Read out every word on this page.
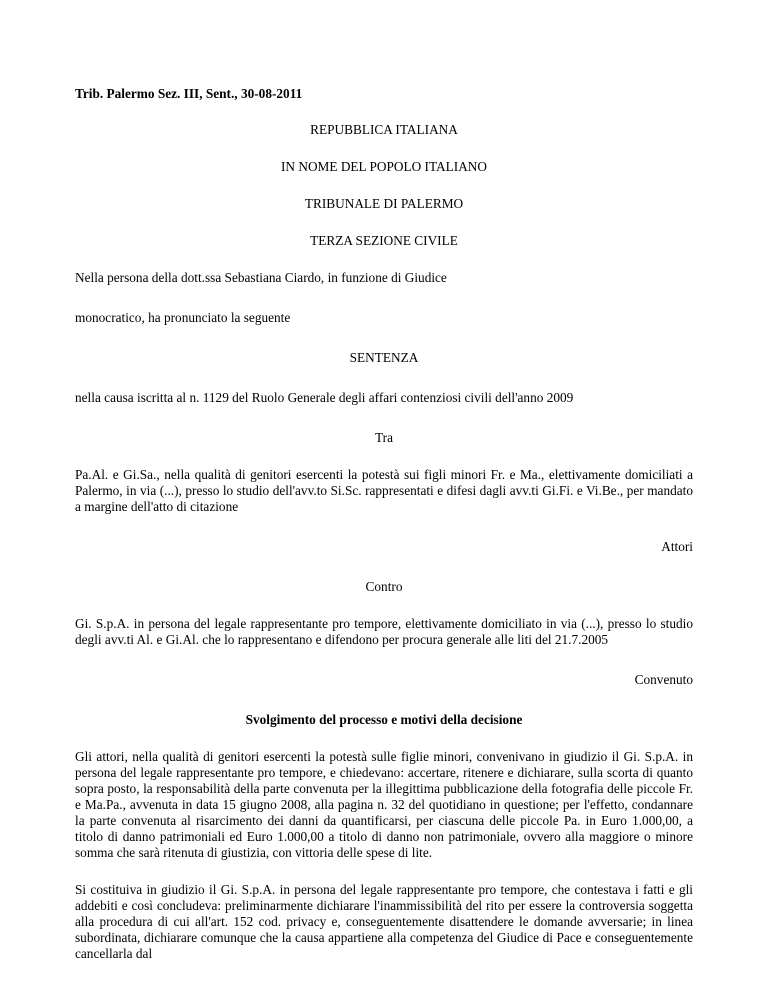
Trib. Palermo Sez. III, Sent., 30-08-2011

REPUBBLICA ITALIANA

IN NOME DEL POPOLO ITALIANO

TRIBUNALE DI PALERMO

TERZA SEZIONE CIVILE

Nella persona della dott.ssa Sebastiana Ciardo, in funzione di Giudice

monocratico, ha pronunciato la seguente

SENTENZA

nella causa iscritta al n. 1129 del Ruolo Generale degli affari contenziosi civili dell'anno 2009

Tra

Pa.Al. e Gi.Sa., nella qualità di genitori esercenti la potestà sui figli minori Fr. e Ma., elettivamente domiciliati a Palermo, in via (...), presso lo studio dell'avv.to Si.Sc. rappresentati e difesi dagli avv.ti Gi.Fi. e Vi.Be., per mandato a margine dell'atto di citazione

Attori

Contro

Gi. S.p.A. in persona del legale rappresentante pro tempore, elettivamente domiciliato in via (...), presso lo studio degli avv.ti Al. e Gi.Al. che lo rappresentano e difendono per procura generale alle liti del 21.7.2005

Convenuto

Svolgimento del processo e motivi della decisione

Gli attori, nella qualità di genitori esercenti la potestà sulle figlie minori, convenivano in giudizio il Gi. S.p.A. in persona del legale rappresentante pro tempore, e chiedevano: accertare, ritenere e dichiarare, sulla scorta di quanto sopra posto, la responsabilità della parte convenuta per la illegittima pubblicazione della fotografia delle piccole Fr. e Ma.Pa., avvenuta in data 15 giugno 2008, alla pagina n. 32 del quotidiano in questione; per l'effetto, condannare la parte convenuta al risarcimento dei danni da quantificarsi, per ciascuna delle piccole Pa. in Euro 1.000,00, a titolo di danno patrimoniali ed Euro 1.000,00 a titolo di danno non patrimoniale, ovvero alla maggiore o minore somma che sarà ritenuta di giustizia, con vittoria delle spese di lite.

Si costituiva in giudizio il Gi. S.p.A. in persona del legale rappresentante pro tempore, che contestava i fatti e gli addebiti e così concludeva: preliminarmente dichiarare l'inammissibilità del rito per essere la controversia soggetta alla procedura di cui all'art. 152 cod. privacy e, conseguentemente disattendere le domande avversarie; in linea subordinata, dichiarare comunque che la causa appartiene alla competenza del Giudice di Pace e conseguentemente cancellarla dal
